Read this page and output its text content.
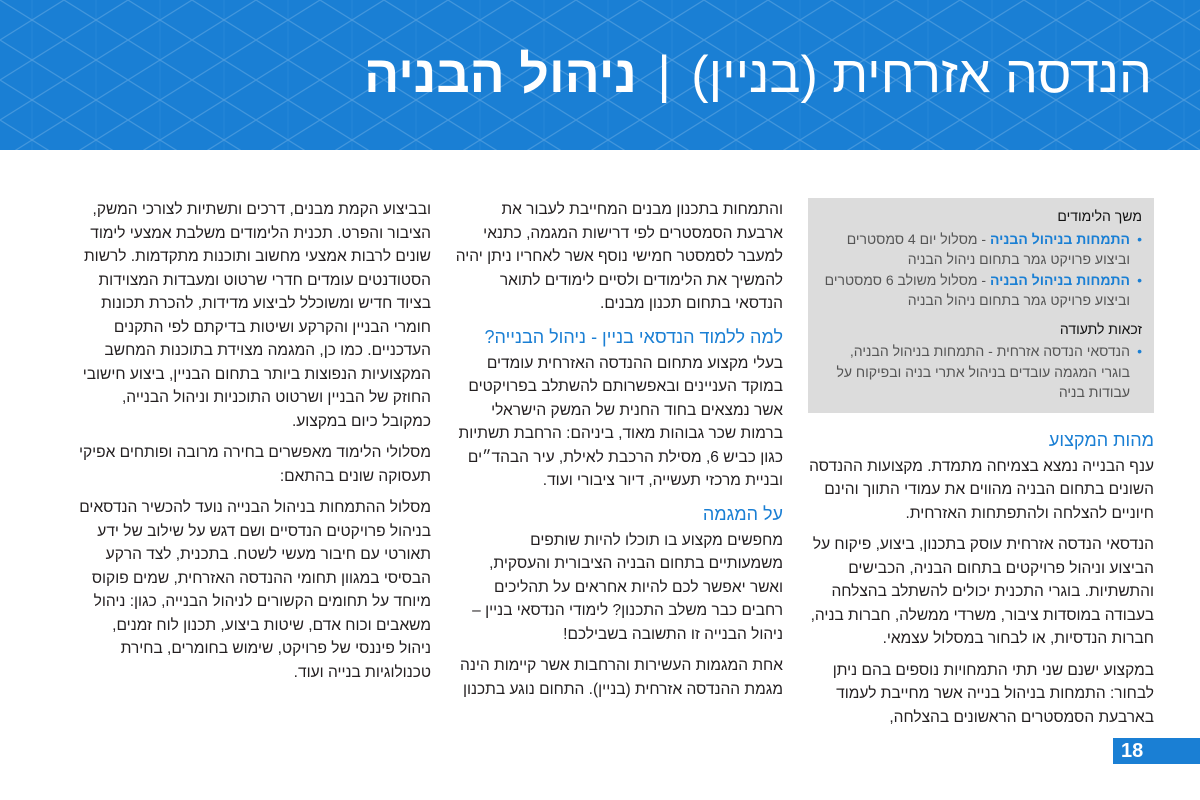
הנדסה אזרחית (בניין) | ניהול הבניה
משך הלימודים
• התמחות בניהול הבניה - מסלול יום 4 סמסטרים וביצוע פרויקט גמר בתחום ניהול הבניה
• התמחות בניהול הבניה - מסלול משולב 6 סמסטרים וביצוע פרויקט גמר בתחום ניהול הבניה
זכאות לתעודה
• הנדסאי הנדסה אזרחית - התמחות בניהול הבניה, בוגרי המגמה עובדים בניהול אתרי בניה ובפיקוח על עבודות בניה
מהות המקצוע

ענף הבנייה נמצא בצמיחה מתמדת. מקצועות ההנדסה השונים בתחום הבניה מהווים את עמודי התווך והינם חיוניים להצלחה ולהתפתחות האזרחית.

הנדסאי הנדסה אזרחית עוסק בתכנון, ביצוע, פיקוח על הביצוע וניהול פרויקטים בתחום הבניה, הכבישים והתשתיות. בוגרי התכנית יכולים להשתלב בהצלחה בעבודה במוסדות ציבור, משרדי ממשלה, חברות בניה, חברות הנדסיות, או לבחור במסלול עצמאי.

במקצוע ישנם שני תתי התמחויות נוספים בהם ניתן לבחור: התמחות בניהול בנייה אשר מחייבת לעמוד בארבעת הסמסטרים הראשונים בהצלחה,

והתמחות בתכנון מבנים המחייבת לעבור את ארבעת הסמסטרים לפי דרישות המגמה, כתנאי למעבר לסמסטר חמישי נוסף אשר לאחריו ניתן יהיה להמשיך את הלימודים ולסיים לימודים לתואר הנדסאי בתחום תכנון מבנים.

למה ללמוד הנדסאי בניין - ניהול הבנייה?

בעלי מקצוע מתחום ההנדסה האזרחית עומדים במוקד העניינים ובאפשרותם להשתלב בפרויקטים אשר נמצאים בחוד החנית של המשק הישראלי ברמות שכר גבוהות מאוד, ביניהם: הרחבת תשתיות כגון כביש 6, מסילת הרכבת לאילת, עיר הבהד״ים ובניית מרכזי תעשייה, דיור ציבורי ועוד.

על המגמה

מחפשים מקצוע בו תוכלו להיות שותפים משמעותיים בתחום הבניה הציבורית והעסקית, ואשר יאפשר לכם להיות אחראים על תהליכים רחבים כבר משלב התכנון? לימודי הנדסאי בניין – ניהול הבנייה זו התשובה בשבילכם!

אחת המגמות העשירות והרחבות אשר קיימות הינה מגמת ההנדסה אזרחית (בניין). התחום נוגע בתכנון

ובביצוע הקמת מבנים, דרכים ותשתיות לצורכי המשק, הציבור והפרט. תכנית הלימודים משלבת אמצעי לימוד שונים לרבות אמצעי מחשוב ותוכנות מתקדמות. לרשות הסטודנטים עומדים חדרי שרטוט ומעבדות המצוידות בציוד חדיש ומשוכלל לביצוע מדידות, להכרת תכונות חומרי הבניין והקרקע ושיטות בדיקתם לפי התקנים העדכניים. כמו כן, המגמה מצוידת בתוכנות המחשב המקצועיות הנפוצות ביותר בתחום הבניין, ביצוע חישובי החוזק של הבניין ושרטוט התוכניות וניהול הבנייה, כמקובל כיום במקצוע.

מסלולי הלימוד מאפשרים בחירה מרובה ופותחים אפיקי תעסוקה שונים בהתאם:

מסלול ההתמחות בניהול הבנייה נועד להכשיר הנדסאים בניהול פרויקטים הנדסיים ושם דגש על שילוב של ידע תאורטי עם חיבור מעשי לשטח. בתכנית, לצד הרקע הבסיסי במגוון תחומי ההנדסה האזרחית, שמים פוקוס מיוחד על תחומים הקשורים לניהול הבנייה, כגון: ניהול משאבים וכוח אדם, שיטות ביצוע, תכנון לוח זמנים, ניהול פיננסי של פרויקט, שימוש בחומרים, בחירת טכנולוגיות בנייה ועוד.

18
